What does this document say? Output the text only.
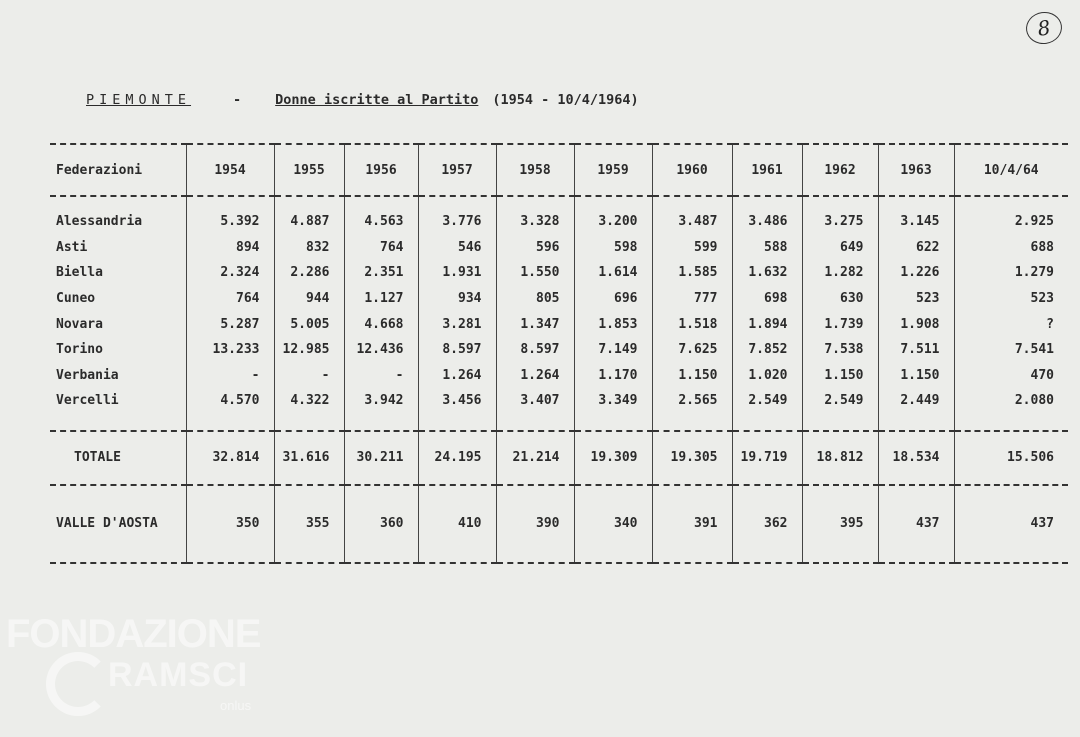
8
PIEMONTE	-	Donne iscritte al Partito (1954 - 10/4/1964)
Federazioni	1954	1955	1956	1957	1958	1959	1960	1961	1962	1963	10/4/64

Alessandria	5.392	4.887	4.563	3.776	3.328	3.200	3.487	3.486	3.275	3.145	2.925
Asti	894	832	764	546	596	598	599	588	649	622	688
Biella	2.324	2.286	2.351	1.931	1.550	1.614	1.585	1.632	1.282	1.226	1.279
Cuneo	764	944	1.127	934	805	696	777	698	630	523	523
Novara	5.287	5.005	4.668	3.281	1.347	1.853	1.518	1.894	1.739	1.908	?
Torino	13.233	12.985	12.436	8.597	8.597	7.149	7.625	7.852	7.538	7.511	7.541
Verbania	-	-	-	1.264	1.264	1.170	1.150	1.020	1.150	1.150	470
Vercelli	4.570	4.322	3.942	3.456	3.407	3.349	2.565	2.549	2.549	2.449	2.080

TOTALE	32.814	31.616	30.211	24.195	21.214	19.309	19.305	19.719	18.812	18.534	15.506
VALLE D'AOSTA	350	355	360	410	390	340	391	362	395	437	437
FONDAZIONE
RAMSCI
onlus
